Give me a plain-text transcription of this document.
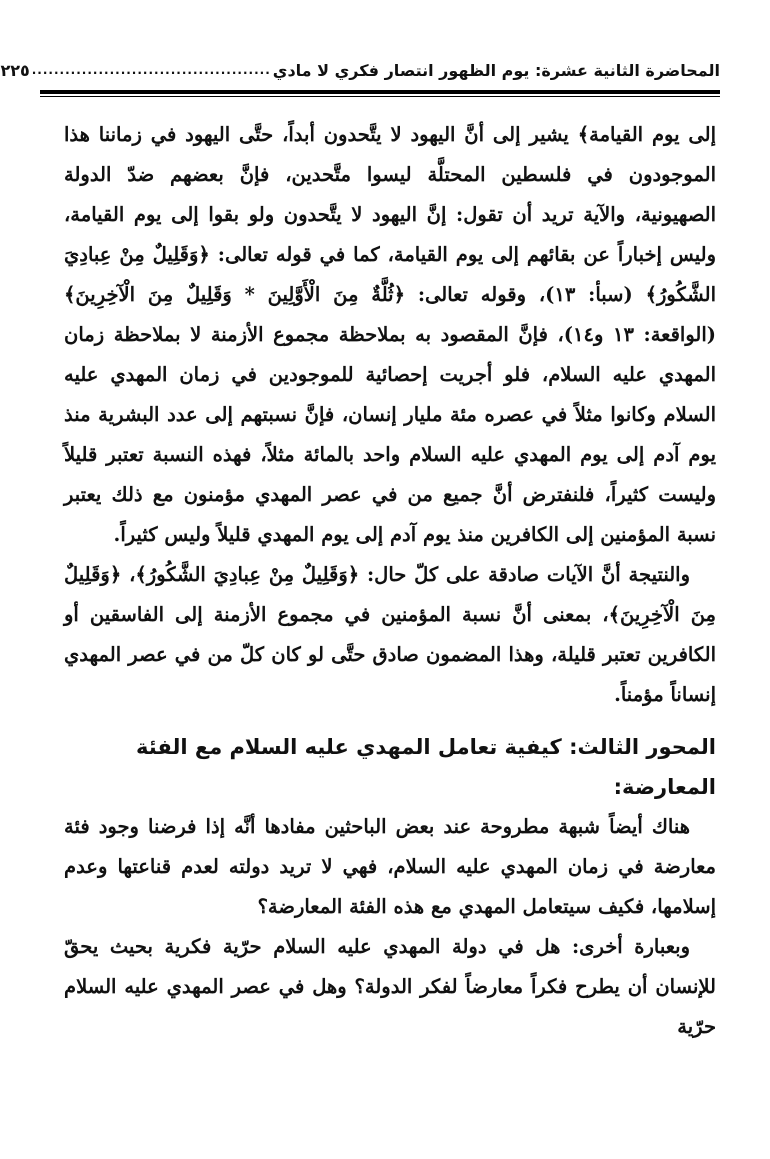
المحاضرة الثانية عشرة: يوم الظهور انتصار فكري لا مادي
...........................................
٢٢٥

إلى يوم القيامة﴾ يشير إلى أنَّ اليهود لا يتَّحدون أبداً، حتَّى اليهود في زماننا هذا الموجودون في فلسطين المحتلَّة ليسوا متَّحدين، فإنَّ بعضهم ضدّ الدولة الصهيونية، والآية تريد أن تقول: إنَّ اليهود لا يتَّحدون ولو بقوا إلى يوم القيامة، وليس إخباراً عن بقائهم إلى يوم القيامة، كما في قوله تعالى: ﴿وَقَلِيلٌ مِنْ عِبادِيَ الشَّكُورُ﴾ (سبأ: ١٣)، وقوله تعالى: ﴿ثُلَّةٌ مِنَ الْأَوَّلِينَ * وَقَلِيلٌ مِنَ الْآخِرِينَ﴾ (الواقعة: ١٣ و١٤)، فإنَّ المقصود به بملاحظة مجموع الأزمنة لا بملاحظة زمان المهدي عليه السلام، فلو أجريت إحصائية للموجودين في زمان المهدي عليه السلام وكانوا مثلاً في عصره مئة مليار إنسان، فإنَّ نسبتهم إلى عدد البشرية منذ يوم آدم إلى يوم المهدي عليه السلام واحد بالمائة مثلاً، فهذه النسبة تعتبر قليلاً وليست كثيراً، فلنفترض أنَّ جميع من في عصر المهدي مؤمنون مع ذلك يعتبر نسبة المؤمنين إلى الكافرين منذ يوم آدم إلى يوم المهدي قليلاً وليس كثيراً.

والنتيجة أنَّ الآيات صادقة على كلّ حال: ﴿وَقَلِيلٌ مِنْ عِبادِيَ الشَّكُورُ﴾، ﴿وَقَلِيلٌ مِنَ الْآخِرِينَ﴾، بمعنى أنَّ نسبة المؤمنين في مجموع الأزمنة إلى الفاسقين أو الكافرين تعتبر قليلة، وهذا المضمون صادق حتَّى لو كان كلّ من في عصر المهدي إنساناً مؤمناً.

المحور الثالث: كيفية تعامل المهدي عليه السلام مع الفئة المعارضة:

هناك أيضاً شبهة مطروحة عند بعض الباحثين مفادها أنَّه إذا فرضنا وجود فئة معارضة في زمان المهدي عليه السلام، فهي لا تريد دولته لعدم قناعتها وعدم إسلامها، فكيف سيتعامل المهدي مع هذه الفئة المعارضة؟

وبعبارة أخرى: هل في دولة المهدي عليه السلام حرّية فكرية بحيث يحقّ للإنسان أن يطرح فكراً معارضاً لفكر الدولة؟ وهل في عصر المهدي عليه السلام حرّية
